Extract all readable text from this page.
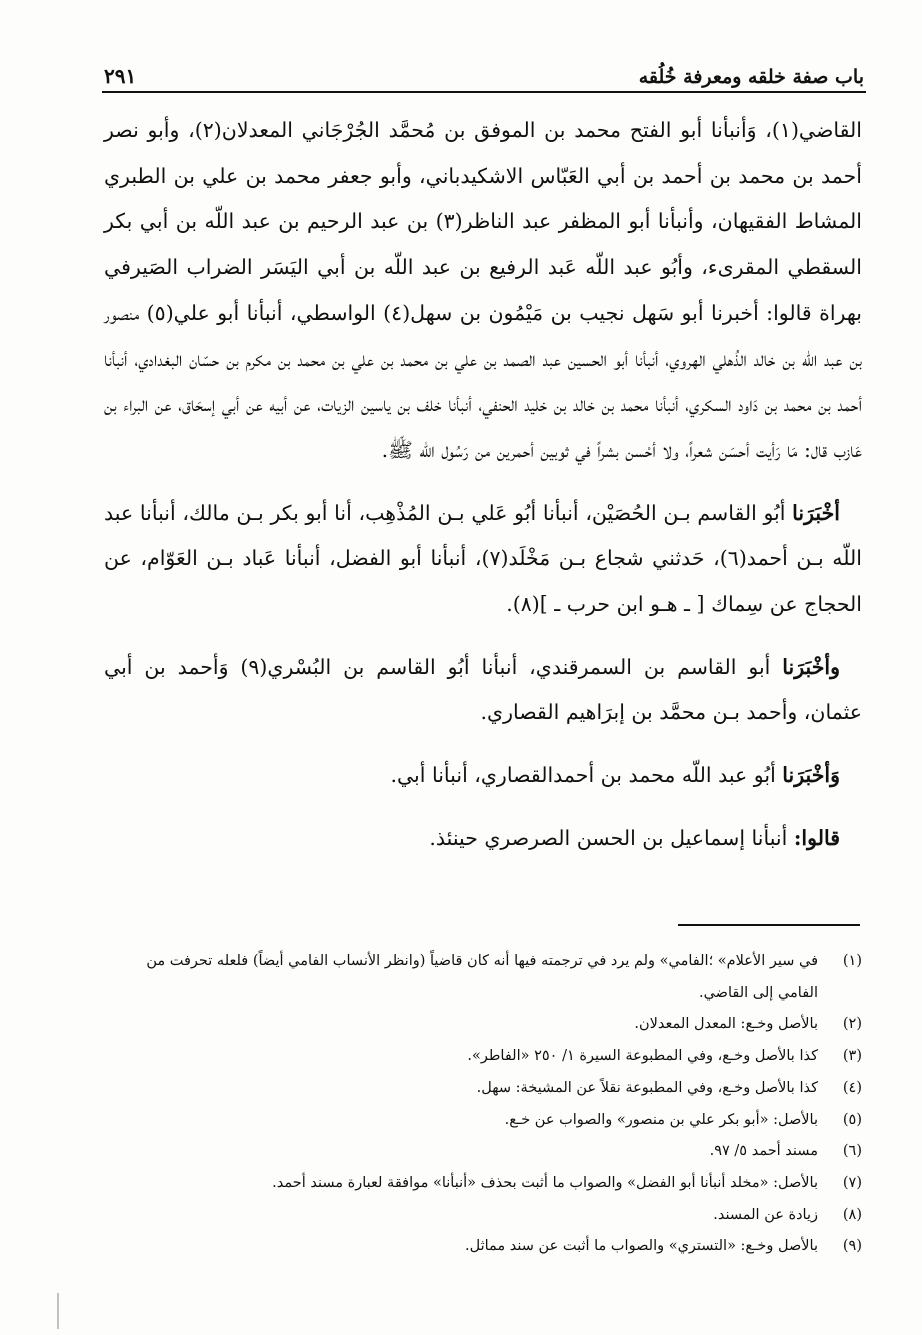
باب صفة خلقه ومعرفة خُلُقه
٢٩١

القاضي(١)، وَأنبأنا أبو الفتح محمد بن الموفق بن مُحمَّد الجُرْجَاني المعدلان(٢)، وأبو نصر أحمد بن محمد بن أحمد بن أبي العَبّاس الاشكيدباني، وأبو جعفر محمد بن علي بن الطبري المشاط الفقيهان، وأنبأنا أبو المظفر عبد الناظر(٣) بن عبد الرحيم بن عبد اللّه بن أبي بكر السقطي المقرىء، وأبُو عبد اللّه عَبد الرفيع بن عبد اللّه بن أبي اليَسَر الضراب الصَيرفي بهراة قالوا: أخبرنا أبو سَهل نجيب بن مَيْمُون بن سهل(٤) الواسطي، أنبأنا أبو علي(٥) منصور بن عبد اللّه بن خالد الذُهلي الهروي، أنبأنا أبو الحسين عبد الصمد بن علي بن محمد بن علي بن محمد بن مكرم بن حسّان البغدادي، أنبأنا أحمد بن محمد بن دَاود السكري، أنبأنا محمد بن خالد بن خليد الحنفي، أنبأنا خلف بن ياسين الزيات، عن أبيه عن أبي إسحَاق، عن البراء بن عَازب قال: مَا رَأيت أحسَن شعراً، ولا أحْسن بشراً في ثوبين أحمرين من رَسُول الله ﷺ.

أخْبَرَنا أبُو القاسم بـن الحُصَيْن، أنبأنا أبُو عَلي بـن المُذْهِب، أنا أبو بكر بـن مالك، أنبأنا عبد اللّه بـن أحمد(٦)، حَدثني شجاع بـن مَخْلَد(٧)، أنبأنا أبو الفضل، أنبأنا عَباد بـن العَوّام، عن الحجاج عن سِماك [ ـ هـو ابن حرب ـ ](٨).

وأخْبَرَنا أبو القاسم بن السمرقندي، أنبأنا أبُو القاسم بن البُسْري(٩) وَأحمد بن أبي عثمان، وأحمد بـن محمَّد بن إبرَاهيم القصاري.

وَأخْبَرَنا أبُو عبد اللّه محمد بن أحمدالقصاري، أنبأنا أبي.

قالوا: أنبأنا إسماعيل بن الحسن الصرصري حينئذ.

(١)
في سير الأعلام» ؛الفامي» ولم يرد في ترجمته فيها أنه كان قاضياً (وانظر الأنساب الفامي أيضاً) فلعله تحرفت من الفامي إلى القاضي.
(٢)
بالأصل وخـع: المعدل المعدلان.
(٣)
كذا بالأصل وخـع، وفي المطبوعة السيرة ١/ ٢٥٠ «الفاطر».
(٤)
كذا بالأصل وخـع، وفي المطبوعة نقلاً عن المشيخة: سهل.
(٥)
بالأصل: «أبو بكر علي بن منصور» والصواب عن خـع.
(٦)
مسند أحمد ٥/ ٩٧.
(٧)
بالأصل: «مخلد أنبأنا أبو الفضل» والصواب ما أثبت بحذف «أنبأنا» موافقة لعبارة مسند أحمد.
(٨)
زيادة عن المسند.
(٩)
بالأصل وخـع: «التستري» والصواب ما أثبت عن سند مماثل.
